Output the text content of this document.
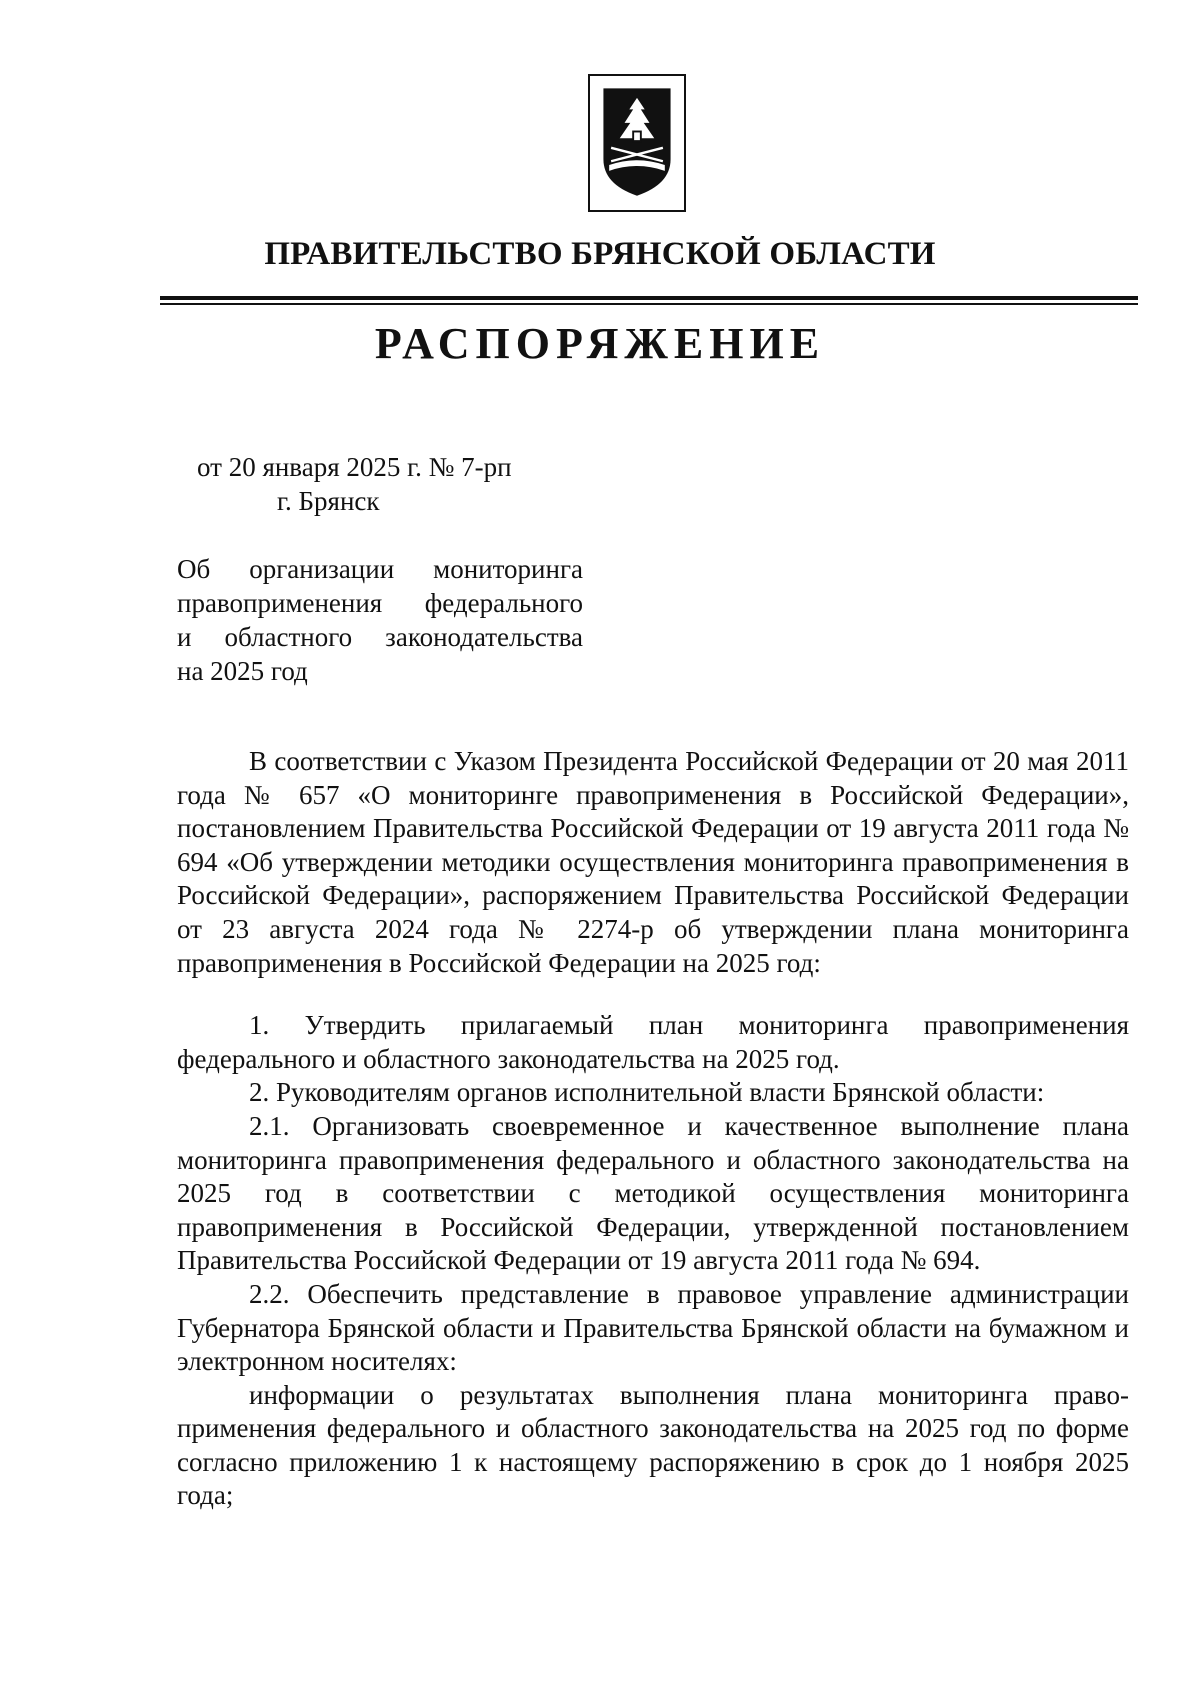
ПРАВИТЕЛЬСТВО БРЯНСКОЙ ОБЛАСТИ
РАСПОРЯЖЕНИЕ
от 20 января 2025 г. № 7-рп
г. Брянск
Об организации мониторинга
правоприменения федерального
и областного законодательства
на 2025 год

В соответствии с Указом Президента Российской Федерации от 20 мая 2011 года № 657 «О мониторинге правоприменения в Российской Федерации», постановлением Правительства Российской Федерации от 19 августа 2011 года № 694 «Об утверждении методики осуществления мониторинга правоприменения в Российской Федерации», распоряжением Правительства Российской Федерации от 23 августа 2024 года № 2274-р об утверждении плана мониторинга правоприменения в Российской Федерации на 2025 год:

1. Утвердить прилагаемый план мониторинга правоприменения федерального и областного законодательства на 2025 год.

2. Руководителям органов исполнительной власти Брянской области:

2.1. Организовать своевременное и качественное выполнение плана мониторинга правоприменения федерального и областного законодательства на 2025 год в соответствии с методикой осуществления мониторинга правоприменения в Российской Федерации, утвержденной постановлением Правительства Российской Федерации от 19 августа 2011 года № 694.

2.2. Обеспечить представление в правовое управление администрации Губернатора Брянской области и Правительства Брянской области на бумажном и электронном носителях:

информации о результатах выполнения плана мониторинга правоприменения федерального и областного законодательства на 2025 год по форме согласно приложению 1 к настоящему распоряжению в срок до 1 ноября 2025 года;
